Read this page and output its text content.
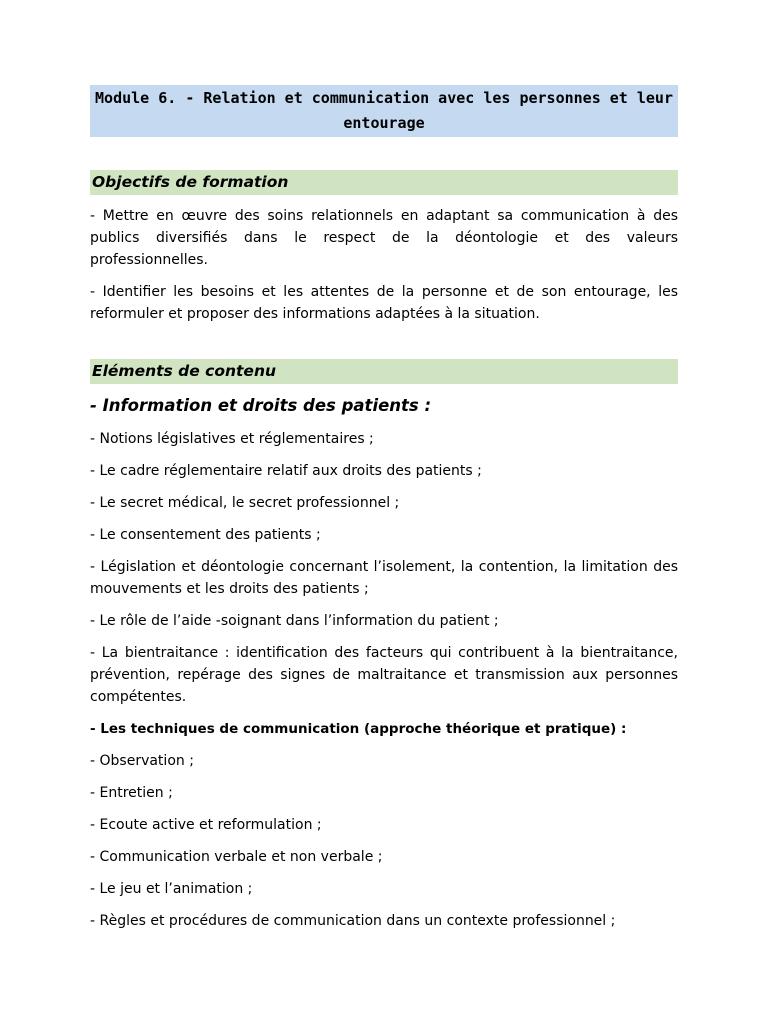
Module 6. - Relation et communication avec les personnes et leur entourage
Objectifs de formation

- Mettre en œuvre des soins relationnels en adaptant sa communication à des publics diversifiés dans le respect de la déontologie et des valeurs professionnelles.

- Identifier les besoins et les attentes de la personne et de son entourage, les reformuler et proposer des informations adaptées à la situation.

Eléments de contenu

- Information et droits des patients :

- Notions législatives et réglementaires ;

- Le cadre réglementaire relatif aux droits des patients ;

- Le secret médical, le secret professionnel ;

- Le consentement des patients ;

- Législation et déontologie concernant l’isolement, la contention, la limitation des mouvements et les droits des patients ;

- Le rôle de l’aide -soignant dans l’information du patient ;

- La bientraitance : identification des facteurs qui contribuent à la bientraitance, prévention, repérage des signes de maltraitance et transmission aux personnes compétentes.

- Les techniques de communication (approche théorique et pratique) :

- Observation ;

- Entretien ;

- Ecoute active et reformulation ;

- Communication verbale et non verbale ;

- Le jeu et l’animation ;

- Règles et procédures de communication dans un contexte professionnel ;
